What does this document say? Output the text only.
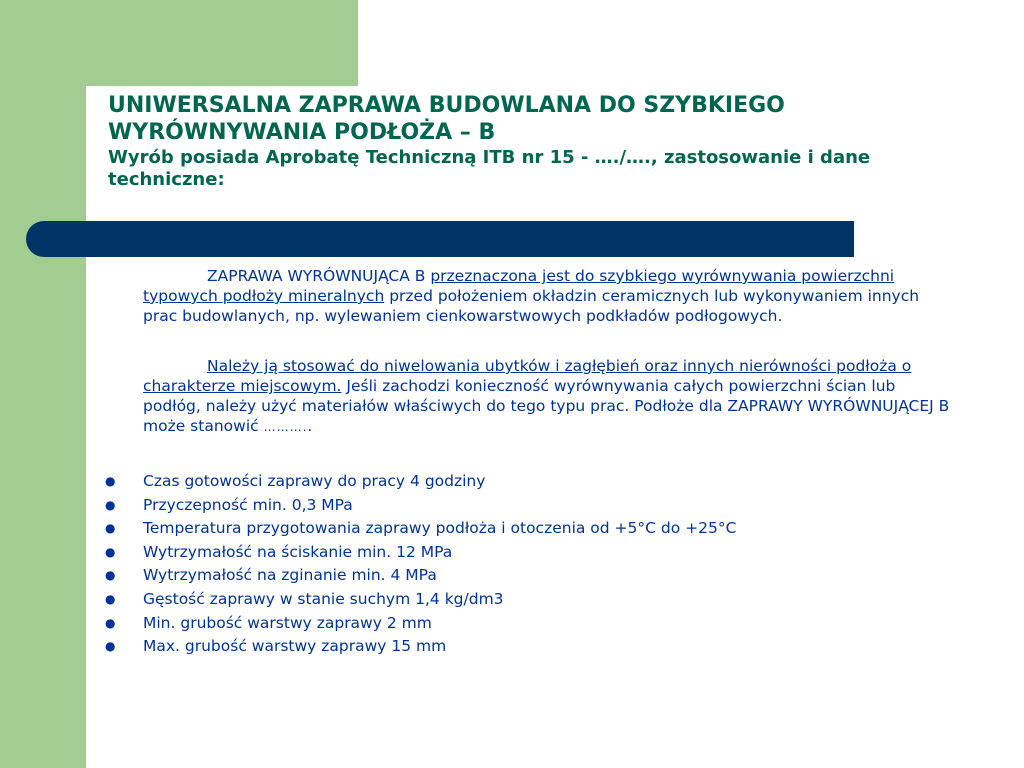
UNIWERSALNA ZAPRAWA BUDOWLANA DO SZYBKIEGO
WYRÓWNYWANIA PODŁOŻA – B

Wyrób posiada Aprobatę Techniczną ITB nr 15 - …./…., zastosowanie i dane techniczne:

ZAPRAWA WYRÓWNUJĄCA B przeznaczona jest do szybkiego wyrównywania powierzchni typowych podłoży mineralnych przed położeniem okładzin ceramicznych lub wykonywaniem innych prac budowlanych, np. wylewaniem cienkowarstwowych podkładów podłogowych.

Należy ją stosować do niwelowania ubytków i zagłębień oraz innych nierówności podłoża o charakterze miejscowym. Jeśli zachodzi konieczność wyrównywania całych powierzchni ścian lub podłóg, należy użyć materiałów właściwych do tego typu prac. Podłoże dla ZAPRAWY WYRÓWNUJĄCEJ B może stanowić ………..

● Czas gotowości zaprawy do pracy 4 godziny
● Przyczepność min. 0,3 MPa
● Temperatura przygotowania zaprawy podłoża i otoczenia od +5°C do +25°C
● Wytrzymałość na ściskanie min. 12 MPa
● Wytrzymałość na zginanie min. 4 MPa
● Gęstość zaprawy w stanie suchym 1,4 kg/dm3
● Min. grubość warstwy zaprawy 2 mm
● Max. grubość warstwy zaprawy 15 mm
